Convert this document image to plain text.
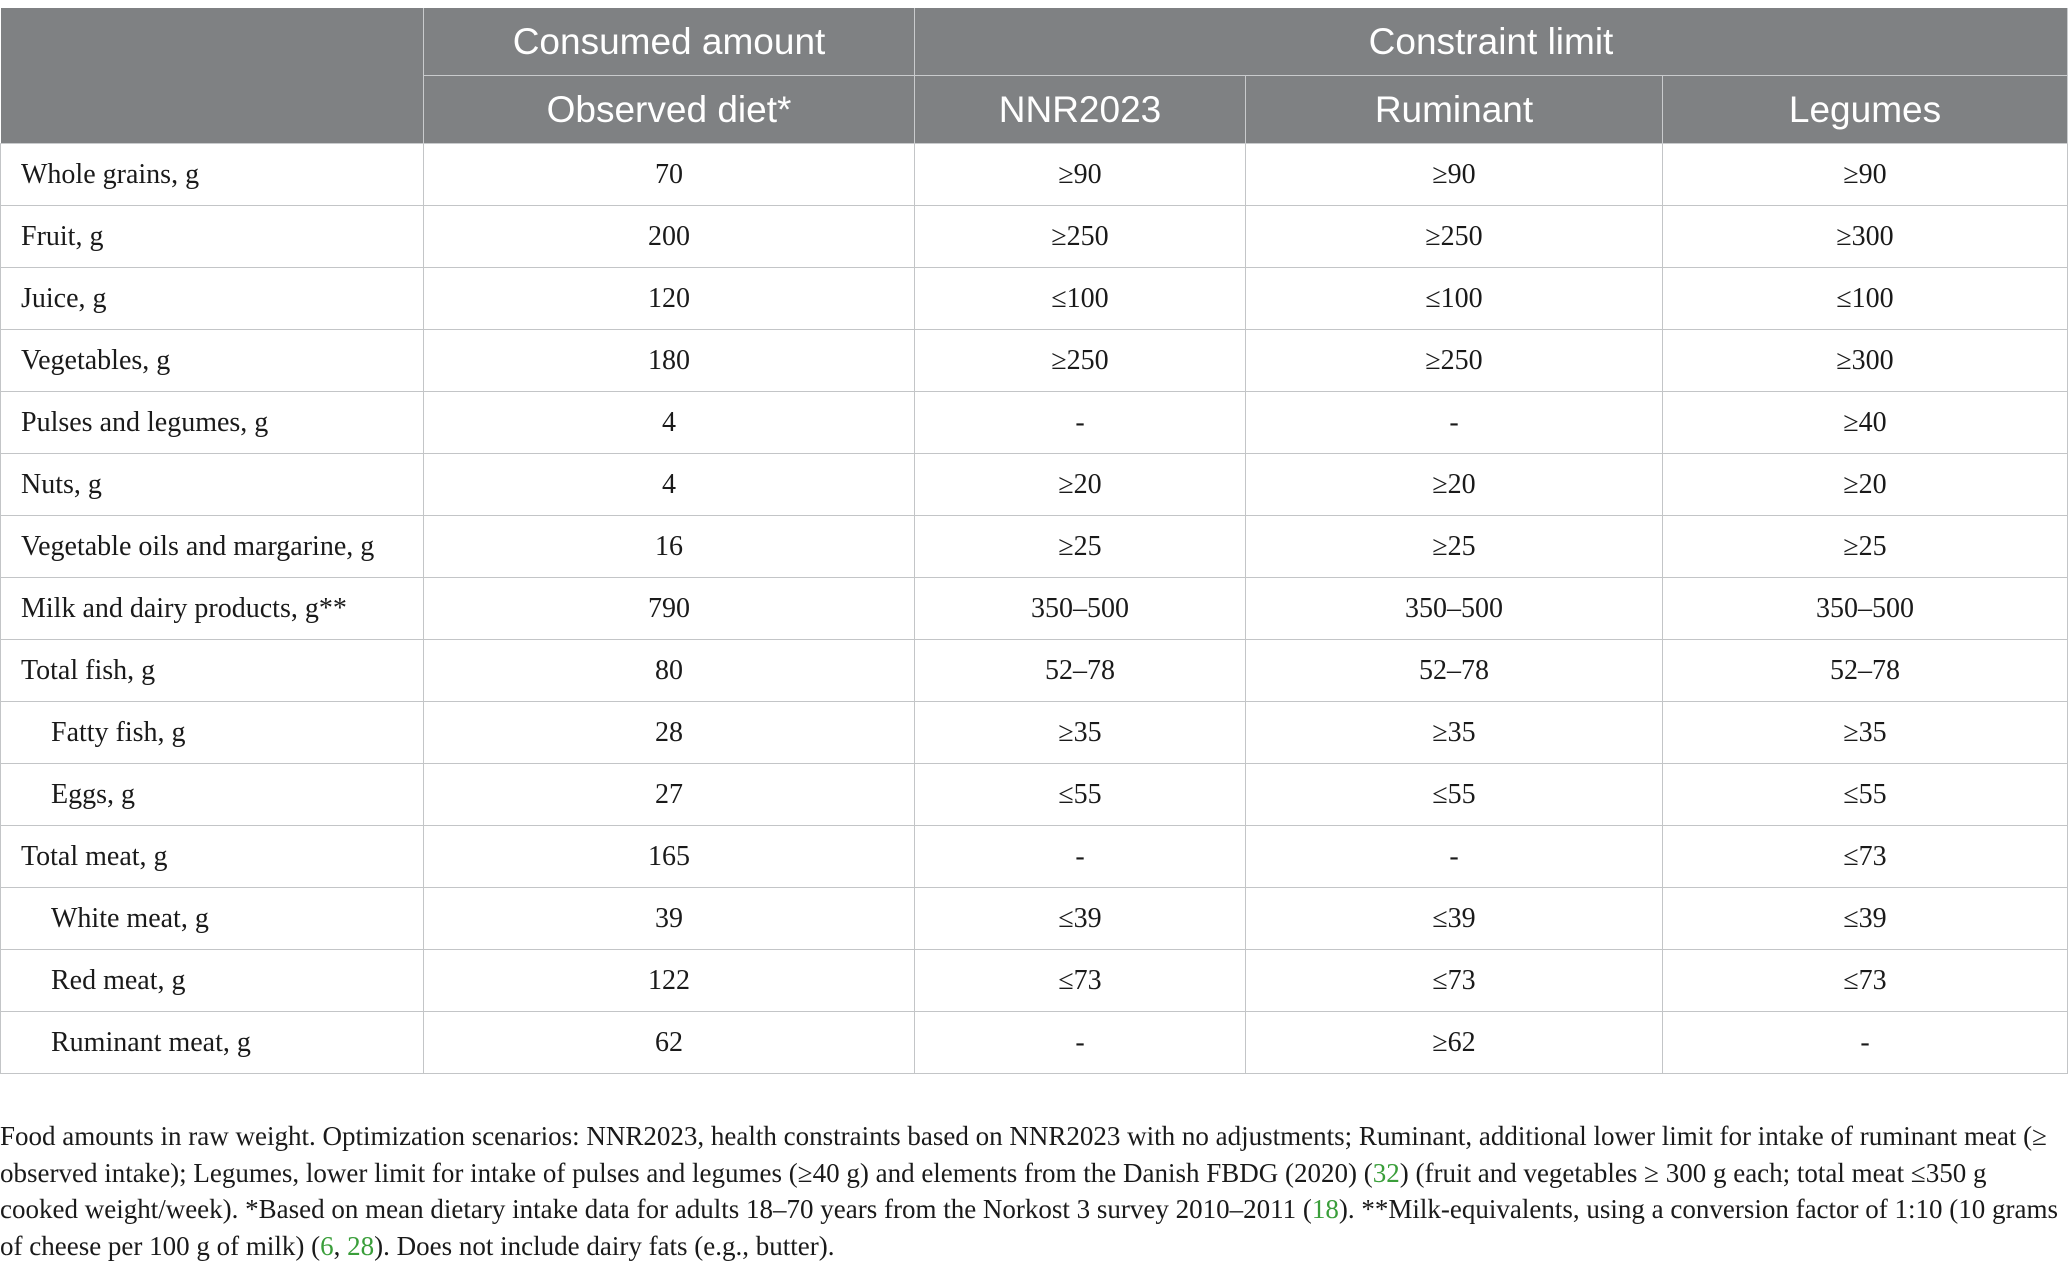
	Consumed amount	Constraint limit		
	Observed diet*	NNR2023	Ruminant	Legumes
Whole grains, g	70	≥90	≥90	≥90
Fruit, g	200	≥250	≥250	≥300
Juice, g	120	≤100	≤100	≤100
Vegetables, g	180	≥250	≥250	≥300
Pulses and legumes, g	4	-	-	≥40
Nuts, g	4	≥20	≥20	≥20
Vegetable oils and margarine, g	16	≥25	≥25	≥25
Milk and dairy products, g**	790	350–500	350–500	350–500
Total fish, g	80	52–78	52–78	52–78
Fatty fish, g	28	≥35	≥35	≥35
Eggs, g	27	≤55	≤55	≤55
Total meat, g	165	-	-	≤73
White meat, g	39	≤39	≤39	≤39
Red meat, g	122	≤73	≤73	≤73
Ruminant meat, g	62	-	≥62	-
Food amounts in raw weight. Optimization scenarios: NNR2023, health constraints based on NNR2023 with no adjustments; Ruminant, additional lower limit for intake of ruminant meat (≥ observed intake); Legumes, lower limit for intake of pulses and legumes (≥40 g) and elements from the Danish FBDG (2020) (32) (fruit and vegetables ≥ 300 g each; total meat ≤350 g cooked weight/week). *Based on mean dietary intake data for adults 18–70 years from the Norkost 3 survey 2010–2011 (18). **Milk-equivalents, using a conversion factor of 1:10 (10 grams of cheese per 100 g of milk) (6, 28). Does not include dairy fats (e.g., butter).
